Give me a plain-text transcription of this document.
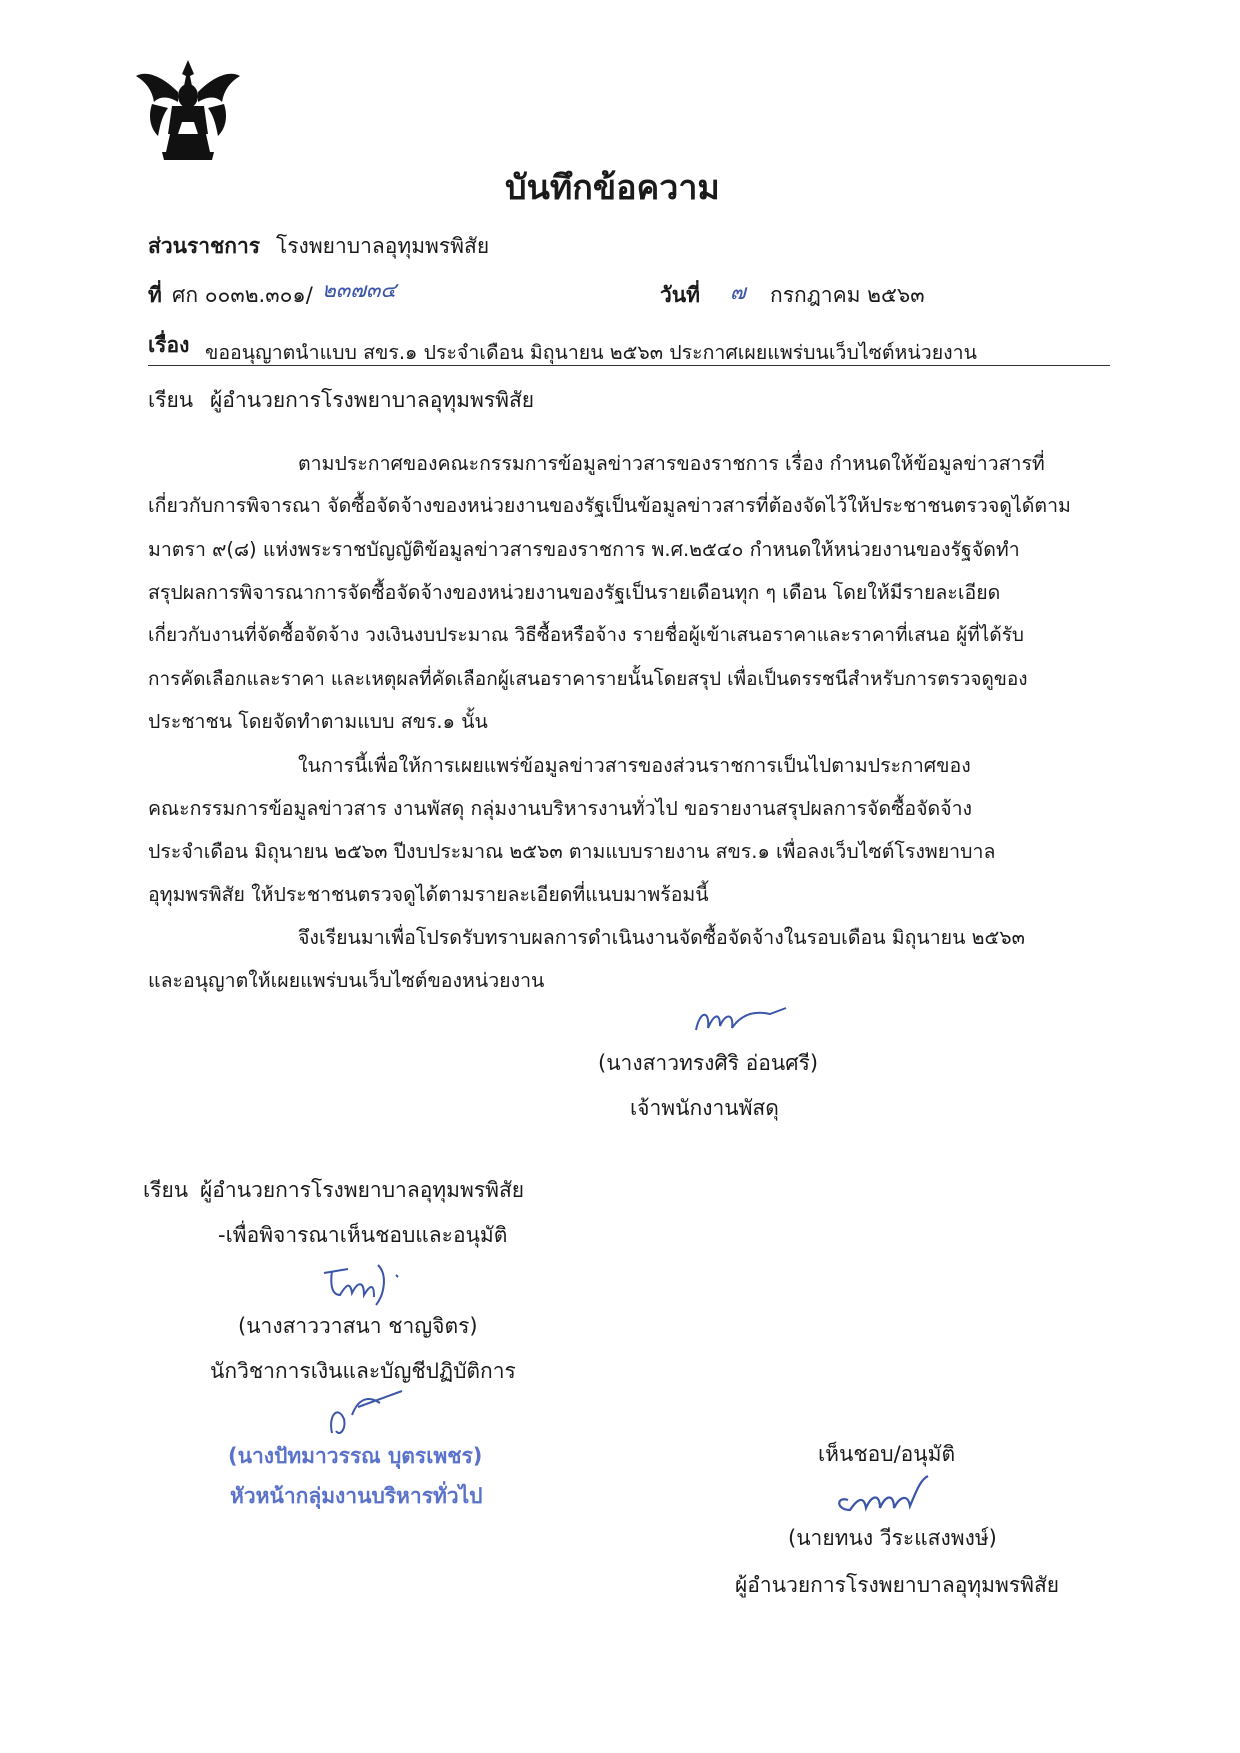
บันทึกข้อความ
ส่วนราชการ โรงพยาบาลอุทุมพรพิสัย
ที่ ศก ๐๐๓๒.๓๐๑/ ๒๓๗๓๔	วันที่ ๗ กรกฎาคม ๒๕๖๓
เรื่อง ขออนุญาตนำแบบ สขร.๑ ประจำเดือน มิถุนายน ๒๕๖๓ ประกาศเผยแพร่บนเว็บไซต์หน่วยงาน
เรียน ผู้อำนวยการโรงพยาบาลอุทุมพรพิสัย
ตามประกาศของคณะกรรมการข้อมูลข่าวสารของราชการ เรื่อง กำหนดให้ข้อมูลข่าวสารที่
เกี่ยวกับการพิจารณา จัดซื้อจัดจ้างของหน่วยงานของรัฐเป็นข้อมูลข่าวสารที่ต้องจัดไว้ให้ประชาชนตรวจดูได้ตาม
มาตรา ๙(๘) แห่งพระราชบัญญัติข้อมูลข่าวสารของราชการ พ.ศ.๒๕๔๐ กำหนดให้หน่วยงานของรัฐจัดทำ
สรุปผลการพิจารณาการจัดซื้อจัดจ้างของหน่วยงานของรัฐเป็นรายเดือนทุก ๆ เดือน โดยให้มีรายละเอียด
เกี่ยวกับงานที่จัดซื้อจัดจ้าง วงเงินงบประมาณ วิธีซื้อหรือจ้าง รายชื่อผู้เข้าเสนอราคาและราคาที่เสนอ ผู้ที่ได้รับ
การคัดเลือกและราคา และเหตุผลที่คัดเลือกผู้เสนอราคารายนั้นโดยสรุป เพื่อเป็นดรรชนีสำหรับการตรวจดูของ
ประชาชน โดยจัดทำตามแบบ สขร.๑ นั้น
ในการนี้เพื่อให้การเผยแพร่ข้อมูลข่าวสารของส่วนราชการเป็นไปตามประกาศของ
คณะกรรมการข้อมูลข่าวสาร งานพัสดุ กลุ่มงานบริหารงานทั่วไป ขอรายงานสรุปผลการจัดซื้อจัดจ้าง
ประจำเดือน มิถุนายน ๒๕๖๓ ปีงบประมาณ ๒๕๖๓ ตามแบบรายงาน สขร.๑ เพื่อลงเว็บไซต์โรงพยาบาล
อุทุมพรพิสัย ให้ประชาชนตรวจดูได้ตามรายละเอียดที่แนบมาพร้อมนี้
จึงเรียนมาเพื่อโปรดรับทราบผลการดำเนินงานจัดซื้อจัดจ้างในรอบเดือน มิถุนายน ๒๕๖๓
และอนุญาตให้เผยแพร่บนเว็บไซต์ของหน่วยงาน
(นางสาวทรงศิริ อ่อนศรี)
เจ้าพนักงานพัสดุ
เรียน ผู้อำนวยการโรงพยาบาลอุทุมพรพิสัย
-เพื่อพิจารณาเห็นชอบและอนุมัติ
(นางสาววาสนา ชาญจิตร)
นักวิชาการเงินและบัญชีปฏิบัติการ
(นางปัทมาวรรณ บุตรเพชร)
หัวหน้ากลุ่มงานบริหารทั่วไป
เห็นชอบ/อนุมัติ
(นายทนง วีระแสงพงษ์)
ผู้อำนวยการโรงพยาบาลอุทุมพรพิสัย
